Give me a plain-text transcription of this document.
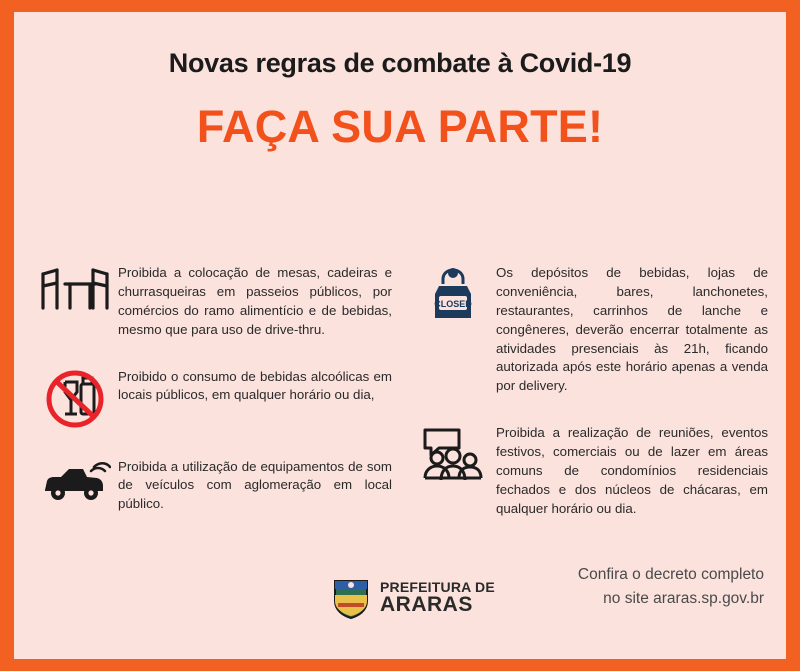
Novas regras de combate à Covid-19
FAÇA SUA PARTE!
Proibida a colocação de mesas, cadeiras e churrasqueiras em passeios públicos, por comércios do ramo alimentício e de bebidas, mesmo que para uso de drive-thru.
Proibido o consumo de bebidas alcoólicas em locais públicos, em qualquer horário ou dia,
Proibida a utilização de equipamentos de som de veículos com aglomeração em local público.
CLOSED
Os depósitos de bebidas, lojas de conveniência, bares, lanchonetes, restaurantes, carrinhos de lanche e congêneres, deverão encerrar totalmente as atividades presenciais às 21h, ficando autorizada após este horário apenas a venda por delivery.
Proibida a realização de reuniões, eventos festivos, comerciais ou de lazer em áreas comuns de condomínios residenciais fechados e dos núcleos de chácaras, em qualquer horário ou dia.
PREFEITURA DE
ARARAS
Confira o decreto completo
no site araras.sp.gov.br
